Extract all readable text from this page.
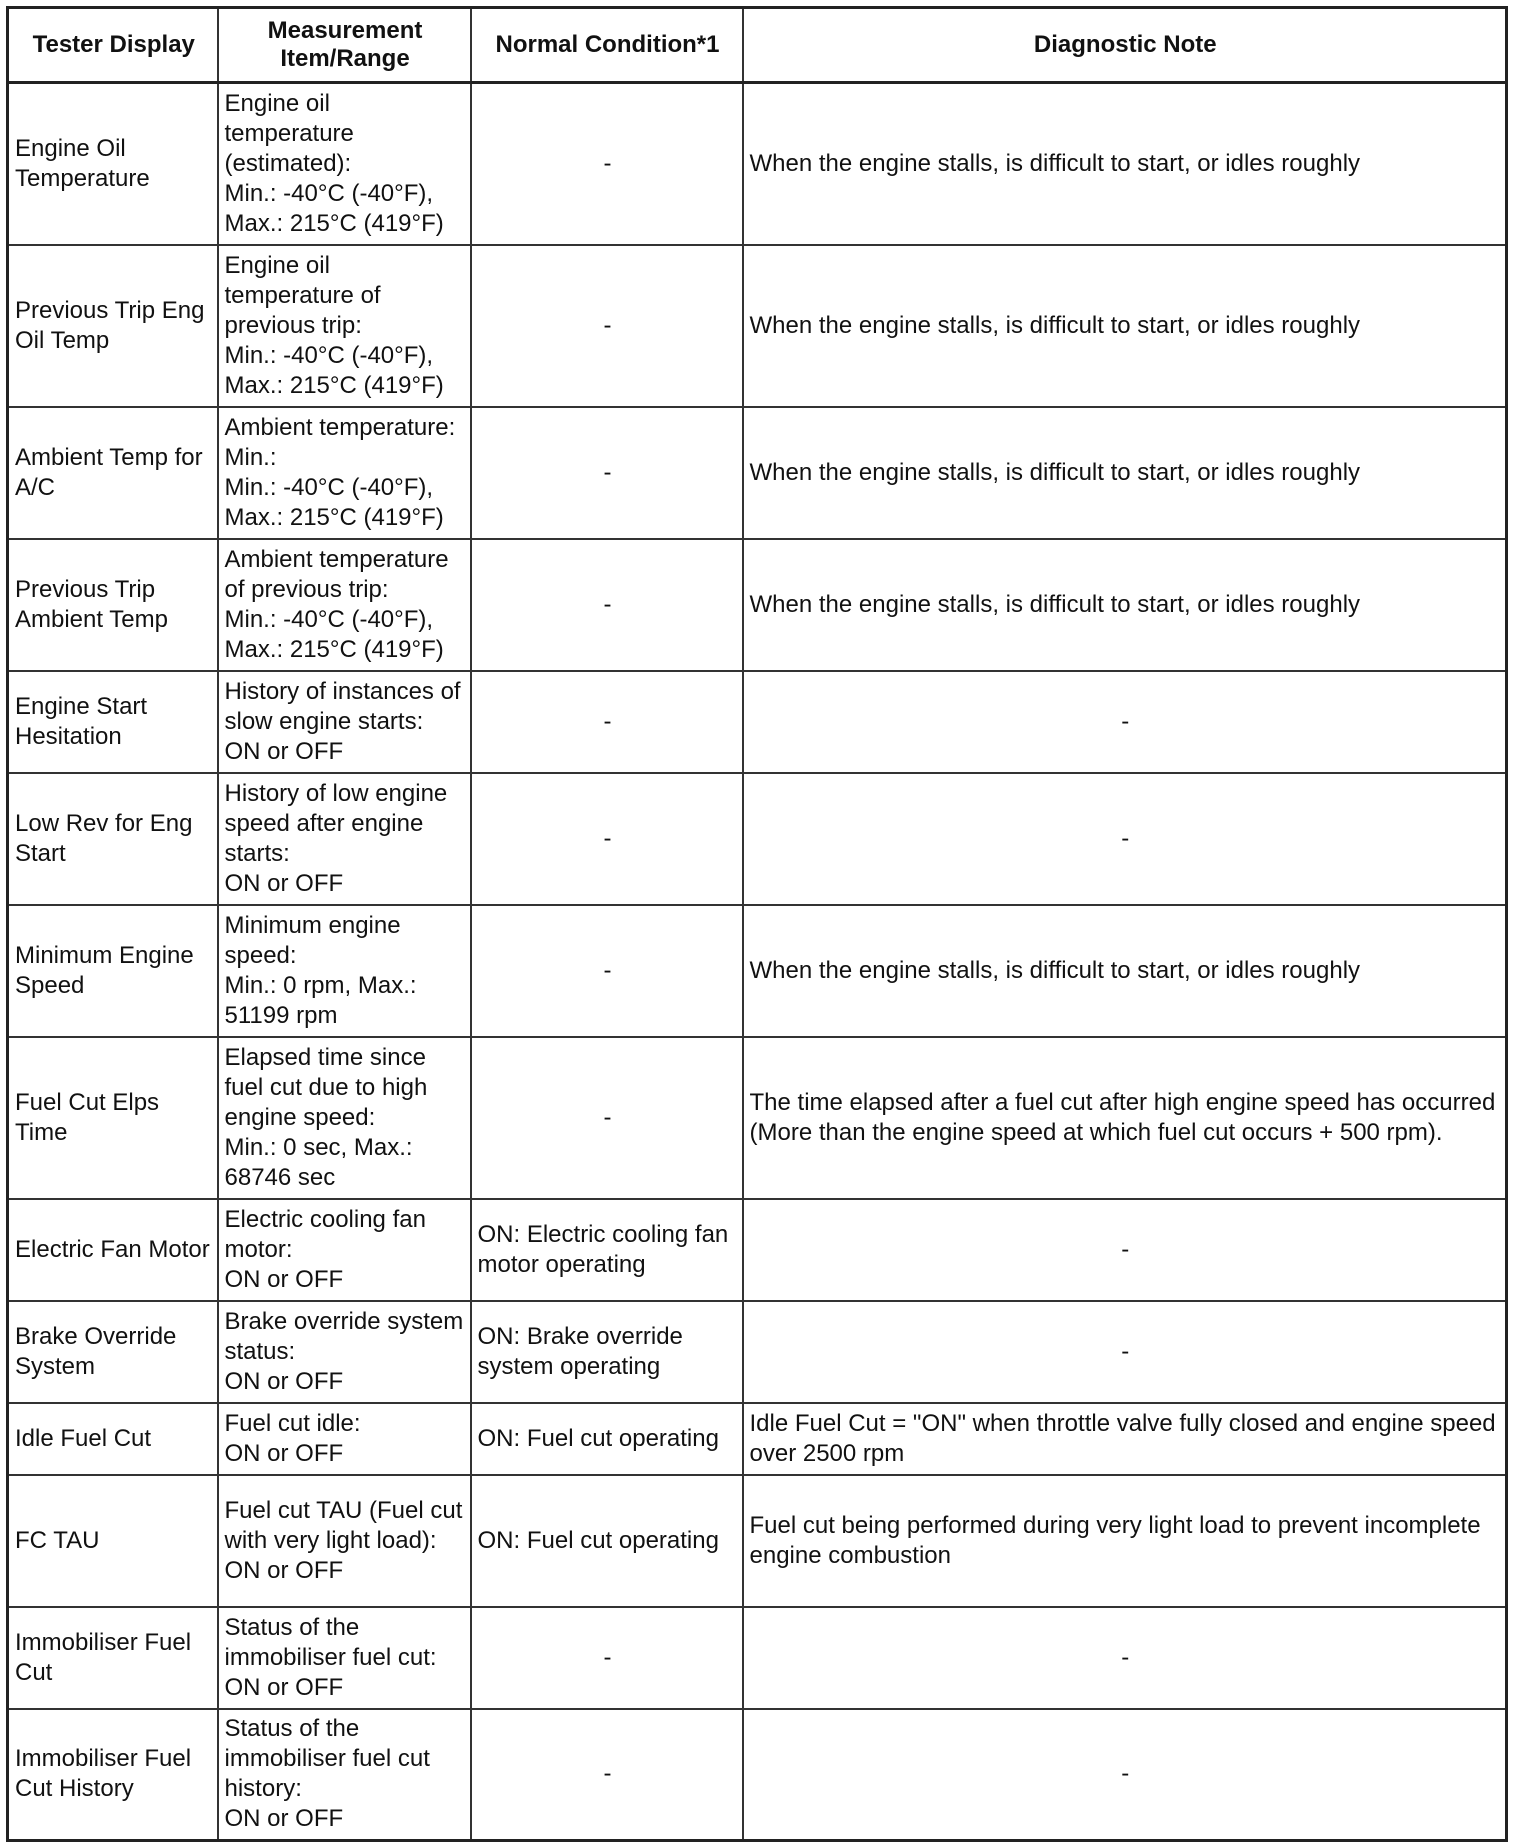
Tester Display	Measurement Item/Range	Normal Condition*1	Diagnostic Note
Engine Oil Temperature	Engine oil temperature (estimated):
Min.: -40°C (-40°F),
Max.: 215°C (419°F)	-	When the engine stalls, is difficult to start, or idles roughly
Previous Trip Eng Oil Temp	Engine oil temperature of previous trip:
Min.: -40°C (-40°F),
Max.: 215°C (419°F)	-	When the engine stalls, is difficult to start, or idles roughly
Ambient Temp for A/C	Ambient temperature:
Min.:
Min.: -40°C (-40°F),
Max.: 215°C (419°F)	-	When the engine stalls, is difficult to start, or idles roughly
Previous Trip Ambient Temp	Ambient temperature of previous trip:
Min.: -40°C (-40°F),
Max.: 215°C (419°F)	-	When the engine stalls, is difficult to start, or idles roughly
Engine Start Hesitation	History of instances of slow engine starts:
ON or OFF	-	-
Low Rev for Eng Start	History of low engine speed after engine starts:
ON or OFF	-	-
Minimum Engine Speed	Minimum engine speed:
Min.: 0 rpm, Max.: 51199 rpm	-	When the engine stalls, is difficult to start, or idles roughly
Fuel Cut Elps Time	Elapsed time since fuel cut due to high engine speed:
Min.: 0 sec, Max.: 68746 sec	-	The time elapsed after a fuel cut after high engine speed has occurred (More than the engine speed at which fuel cut occurs + 500 rpm).
Electric Fan Motor	Electric cooling fan motor:
ON or OFF	ON: Electric cooling fan motor operating	-
Brake Override System	Brake override system status:
ON or OFF	ON: Brake override system operating	-
Idle Fuel Cut	Fuel cut idle:
ON or OFF	ON: Fuel cut operating	Idle Fuel Cut = "ON" when throttle valve fully closed and engine speed over 2500 rpm
FC TAU	Fuel cut TAU (Fuel cut with very light load):
ON or OFF	ON: Fuel cut operating	Fuel cut being performed during very light load to prevent incomplete engine combustion
Immobiliser Fuel Cut	Status of the immobiliser fuel cut:
ON or OFF	-	-
Immobiliser Fuel Cut History	Status of the immobiliser fuel cut history:
ON or OFF	-	-
